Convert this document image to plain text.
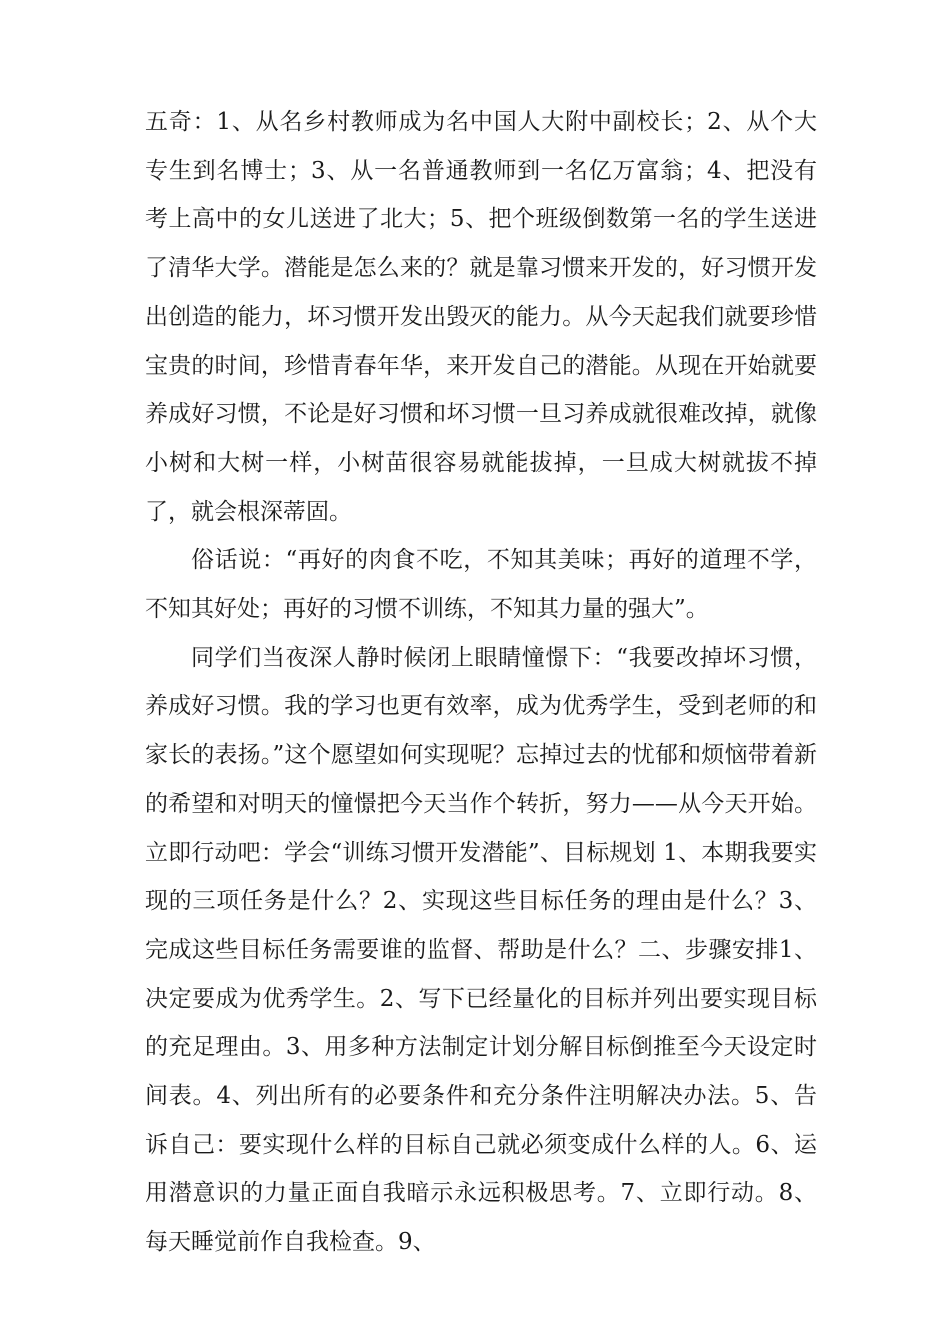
五奇：1、从名乡村教师成为名中国人大附中副校长；2、从个大专生到名博士；3、从一名普通教师到一名亿万富翁；4、把没有考上高中的女儿送进了北大；5、把个班级倒数第一名的学生送进了清华大学。潜能是怎么来的？就是靠习惯来开发的，好习惯开发出创造的能力，坏习惯开发出毁灭的能力。从今天起我们就要珍惜宝贵的时间，珍惜青春年华，来开发自己的潜能。从现在开始就要养成好习惯，不论是好习惯和坏习惯一旦习养成就很难改掉，就像小树和大树一样，小树苗很容易就能拔掉，一旦成大树就拔不掉了，就会根深蒂固。

俗话说：“再好的肉食不吃，不知其美味；再好的道理不学，不知其好处；再好的习惯不训练，不知其力量的强大”。

同学们当夜深人静时候闭上眼睛憧憬下：“我要改掉坏习惯，养成好习惯。我的学习也更有效率，成为优秀学生，受到老师的和家长的表扬。”这个愿望如何实现呢？忘掉过去的忧郁和烦恼带着新的希望和对明天的憧憬把今天当作个转折，努力——从今天开始。立即行动吧：学会“训练习惯开发潜能”、目标规划 1、本期我要实现的三项任务是什么？2、实现这些目标任务的理由是什么？3、完成这些目标任务需要谁的监督、帮助是什么？二、步骤安排1、决定要成为优秀学生。2、写下已经量化的目标并列出要实现目标的充足理由。3、用多种方法制定计划分解目标倒推至今天设定时间表。4、列出所有的必要条件和充分条件注明解决办法。5、告诉自己：要实现什么样的目标自己就必须变成什么样的人。6、运用潜意识的力量正面自我暗示永远积极思考。7、立即行动。8、每天睡觉前作自我检查。9、
